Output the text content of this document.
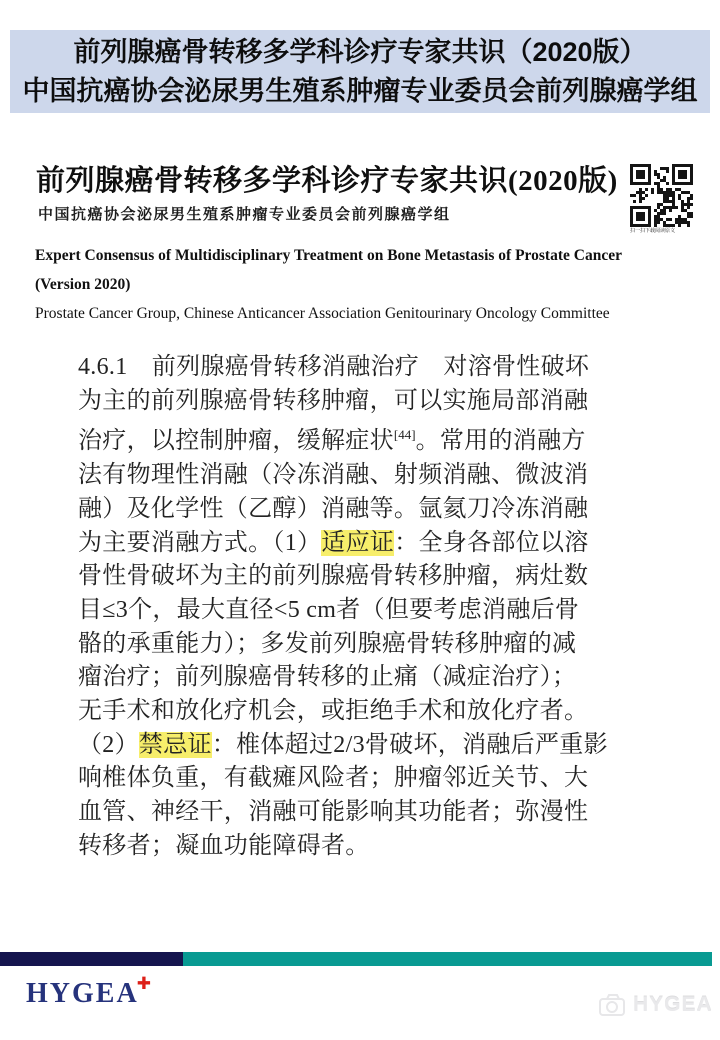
前列腺癌骨转移多学科诊疗专家共识（2020版）
中国抗癌协会泌尿男生殖系肿瘤专业委员会前列腺癌学组
前列腺癌骨转移多学科诊疗专家共识(2020版)
中国抗癌协会泌尿男生殖系肿瘤专业委员会前列腺癌学组
扫一扫下载阅读原文
Expert Consensus of Multidisciplinary Treatment on Bone Metastasis of Prostate Cancer
(Version 2020)
Prostate Cancer Group, Chinese Anticancer Association Genitourinary Oncology Committee
4.6.1　前列腺癌骨转移消融治疗　对溶骨性破坏
为主的前列腺癌骨转移肿瘤，可以实施局部消融
治疗，以控制肿瘤，缓解症状[44]。常用的消融方
法有物理性消融（冷冻消融、射频消融、微波消
融）及化学性（乙醇）消融等。氩氦刀冷冻消融
为主要消融方式。（1）适应证：全身各部位以溶
骨性骨破坏为主的前列腺癌骨转移肿瘤，病灶数
目≤3个，最大直径<5 cm者（但要考虑消融后骨
骼的承重能力）；多发前列腺癌骨转移肿瘤的减
瘤治疗；前列腺癌骨转移的止痛（减症治疗）；
无手术和放化疗机会，或拒绝手术和放化疗者。
（2）禁忌证：椎体超过2/3骨破坏，消融后严重影
响椎体负重，有截瘫风险者；肿瘤邻近关节、大
血管、神经干，消融可能影响其功能者；弥漫性
转移者；凝血功能障碍者。
HYGEA✚
HYGEA
